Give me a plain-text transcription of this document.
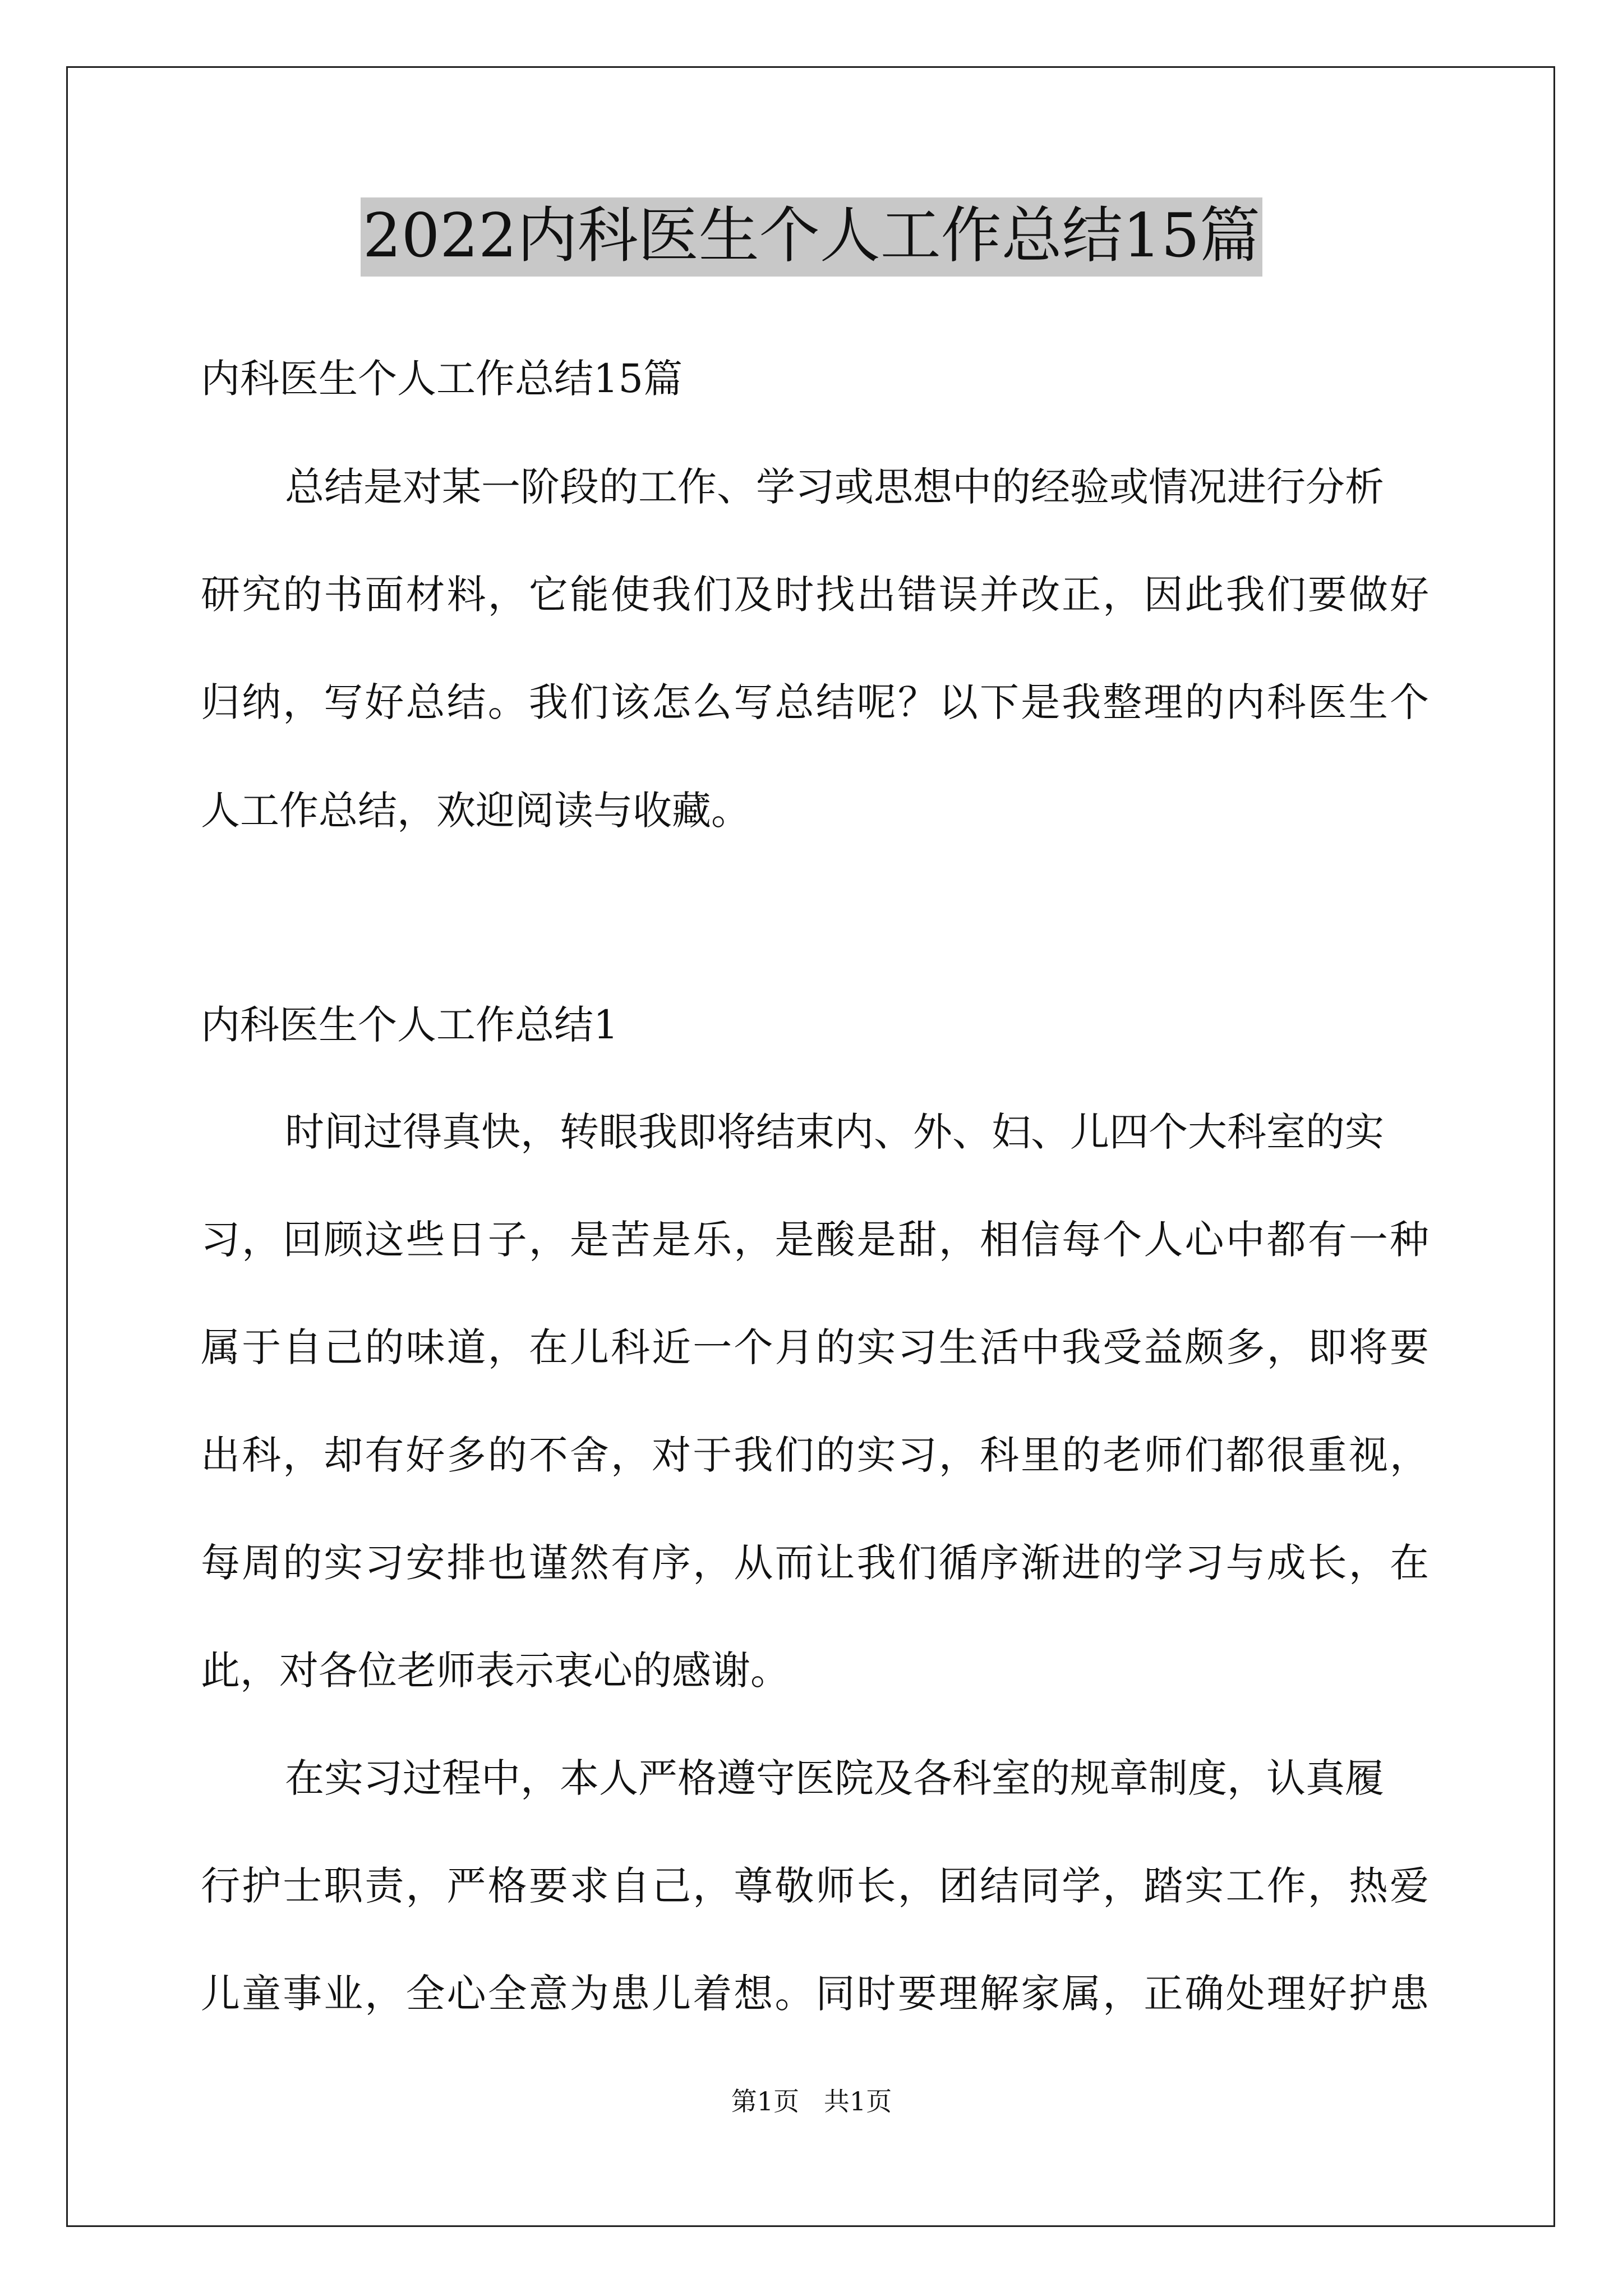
2022内科医生个人工作总结15篇
内科医生个人工作总结15篇
总结是对某一阶段的工作、学习或思想中的经验或情况进行分析
研究的书面材料，它能使我们及时找出错误并改正，因此我们要做好
归纳，写好总结。我们该怎么写总结呢？以下是我整理的内科医生个
人工作总结，欢迎阅读与收藏。
内科医生个人工作总结1
时间过得真快，转眼我即将结束内、外、妇、儿四个大科室的实
习，回顾这些日子，是苦是乐，是酸是甜，相信每个人心中都有一种
属于自己的味道，在儿科近一个月的实习生活中我受益颇多，即将要
出科，却有好多的不舍，对于我们的实习，科里的老师们都很重视，
每周的实习安排也谨然有序，从而让我们循序渐进的学习与成长，在
此，对各位老师表示衷心的感谢。
在实习过程中，本人严格遵守医院及各科室的规章制度，认真履
行护士职责，严格要求自己，尊敬师长，团结同学，踏实工作，热爱
儿童事业，全心全意为患儿着想。同时要理解家属，正确处理好护患
第1页   共1页
